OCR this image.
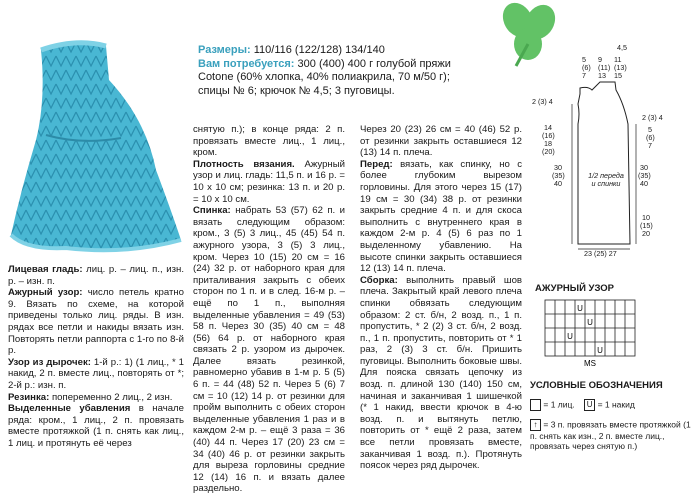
Размеры: 110/116 (122/128) 134/140
Вам потребуется: 300 (400) 400 г голубой пряжи Cotone (60% хлопка, 40% полиакрила, 70 м/50 г); спицы № 6; крючок № 4,5; 3 пуговицы.

Лицевая гладь: лиц. р. – лиц. п., изн. р. – изн. п.

Ажурный узор: число петель кратно 9. Вязать по схеме, на которой приведены только лиц. ряды. В изн. рядах все петли и накиды вязать изн. Повторять петли раппорта с 1-го по 8-й р.

Узор из дырочек: 1-й р.: 1) (1 лиц., * 1 накид, 2 п. вместе лиц., повторять от *; 2-й р.: изн. п.

Резинка: попеременно 2 лиц., 2 изн.

Выделенные убавления в начале ряда: кром., 1 лиц., 2 п. провязать вместе протяжкой (1 п. снять как лиц., 1 лиц. и протянуть её через

снятую п.); в конце ряда: 2 п. провязать вместе лиц., 1 лиц., кром.

Плотность вязания. Ажурный узор и лиц. гладь: 11,5 п. и 16 р. = 10 х 10 см; резинка: 13 п. и 20 р. = 10 х 10 см.

Спинка: набрать 53 (57) 62 п. и вязать следующим образом: кром., 3 (5) 3 лиц., 45 (45) 54 п. ажурного узора, 3 (5) 3 лиц., кром. Через 10 (15) 20 см = 16 (24) 32 р. от наборного края для приталивания закрыть с обеих сторон по 1 п. и в след. 16-м р. – ещё по 1 п., выполняя выделенные убавления = 49 (53) 58 п. Через 30 (35) 40 см = 48 (56) 64 р. от наборного края связать 2 р. узором из дырочек. Далее вязать резинкой, равномерно убавив в 1-м р. 5 (5) 6 п. = 44 (48) 52 п. Через 5 (6) 7 см = 10 (12) 14 р. от резинки для пройм выполнить с обеих сторон выделенные убавления 1 раз и в каждом 2-м р. – ещё 3 раза = 36 (40) 44 п. Через 17 (20) 23 см = 34 (40) 46 р. от резинки закрыть для выреза горловины средние 12 (14) 16 п. и вязать далее раздельно.

Через 20 (23) 26 см = 40 (46) 52 р. от резинки закрыть оставшиеся 12 (13) 14 п. плеча.

Перед: вязать, как спинку, но с более глубоким вырезом горловины. Для этого через 15 (17) 19 см = 30 (34) 38 р. от резинки закрыть средние 4 п. и для скоса выполнить с внутреннего края в каждом 2-м р. 4 (5) 6 раз по 1 выделенному убавлению. На высоте спинки закрыть оставшиеся 12 (13) 14 п. плеча.

Сборка: выполнить правый шов плеча. Закрытый край левого плеча спинки обвязать следующим образом: 2 ст. б/н, 2 возд. п., 1 п. пропустить, * 2 (2) 3 ст. б/н, 2 возд. п., 1 п. пропустить, повторить от * 1 раз, 2 (3) 3 ст. б/н. Пришить пуговицы. Выполнить боковые швы. Для пояска связать цепочку из возд. п. длиной 130 (140) 150 см, начиная и заканчивая 1 шишечкой (* 1 накид, ввести крючок в 4-ю возд. п. и вытянуть петлю, повторить от * ещё 2 раза, затем все петли провязать вместе, заканчивая 1 возд. п.). Протянуть поясок через ряд дырочек.

4,5
5 9 11
(6) (11) (13)
7 13 15
2 (3) 4
2 (3) 4
5
(6)
7
14
(16)
18
(20)
30
(35)
40
30
(35)
40
1/2 переда и спинки
10
(15)
20
23 (25) 27
АЖУРНЫЙ УЗОР
U
U
U
U
MS
УСЛОВНЫЕ ОБОЗНАЧЕНИЯ
= 1 лиц. U = 1 накид
↑ = 3 п. провязать вместе протяжкой (1 п. снять как изн., 2 п. вместе лиц., провязать через снятую п.)
